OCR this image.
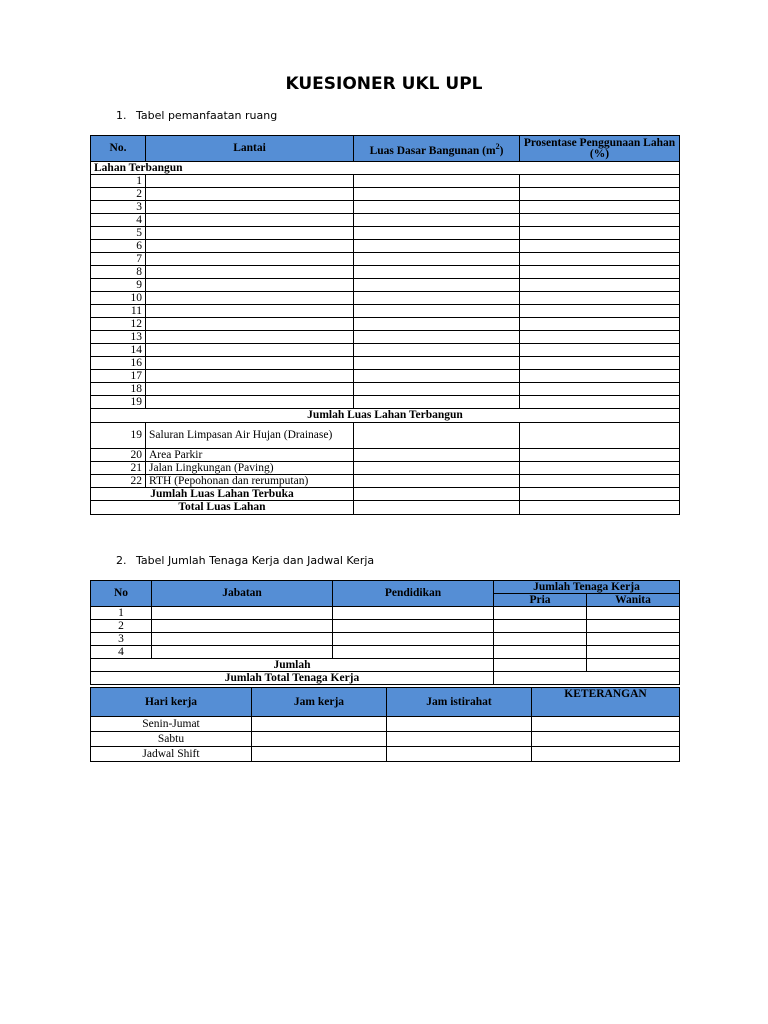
KUESIONER UKL UPL
1. Tabel pemanfaatan ruang
No.	Lantai	Luas Dasar Bangunan $(m^2)$	Prosentase Penggunaan Lahan (%)
Lahan Terbangun			
1			
2			
3			
4			
5			
6			
7			
8			
9			
10			
11			
12			
13			
14			
16			
17			
18			
19			
Jumlah Luas Lahan Terbangun			
19	Saluran Limpasan Air Hujan (Drainase)		
20	Area Parkir		
21	Jalan Lingkungan (Paving)		
22	RTH (Pepohonan dan rerumputan)		
Jumlah Luas Lahan Terbuka			
Total Luas Lahan			
2. Tabel Jumlah Tenaga Kerja dan Jadwal Kerja
No	Jabatan	Pendidikan	Jumlah Tenaga Kerja	
			Pria	Wanita
1				
2				
3				
4				
Jumlah				
Jumlah Total Tenaga Kerja				
Hari kerja	Jam kerja	Jam istirahat	KETERANGAN
Senin-Jumat			
Sabtu			
Jadwal Shift			
